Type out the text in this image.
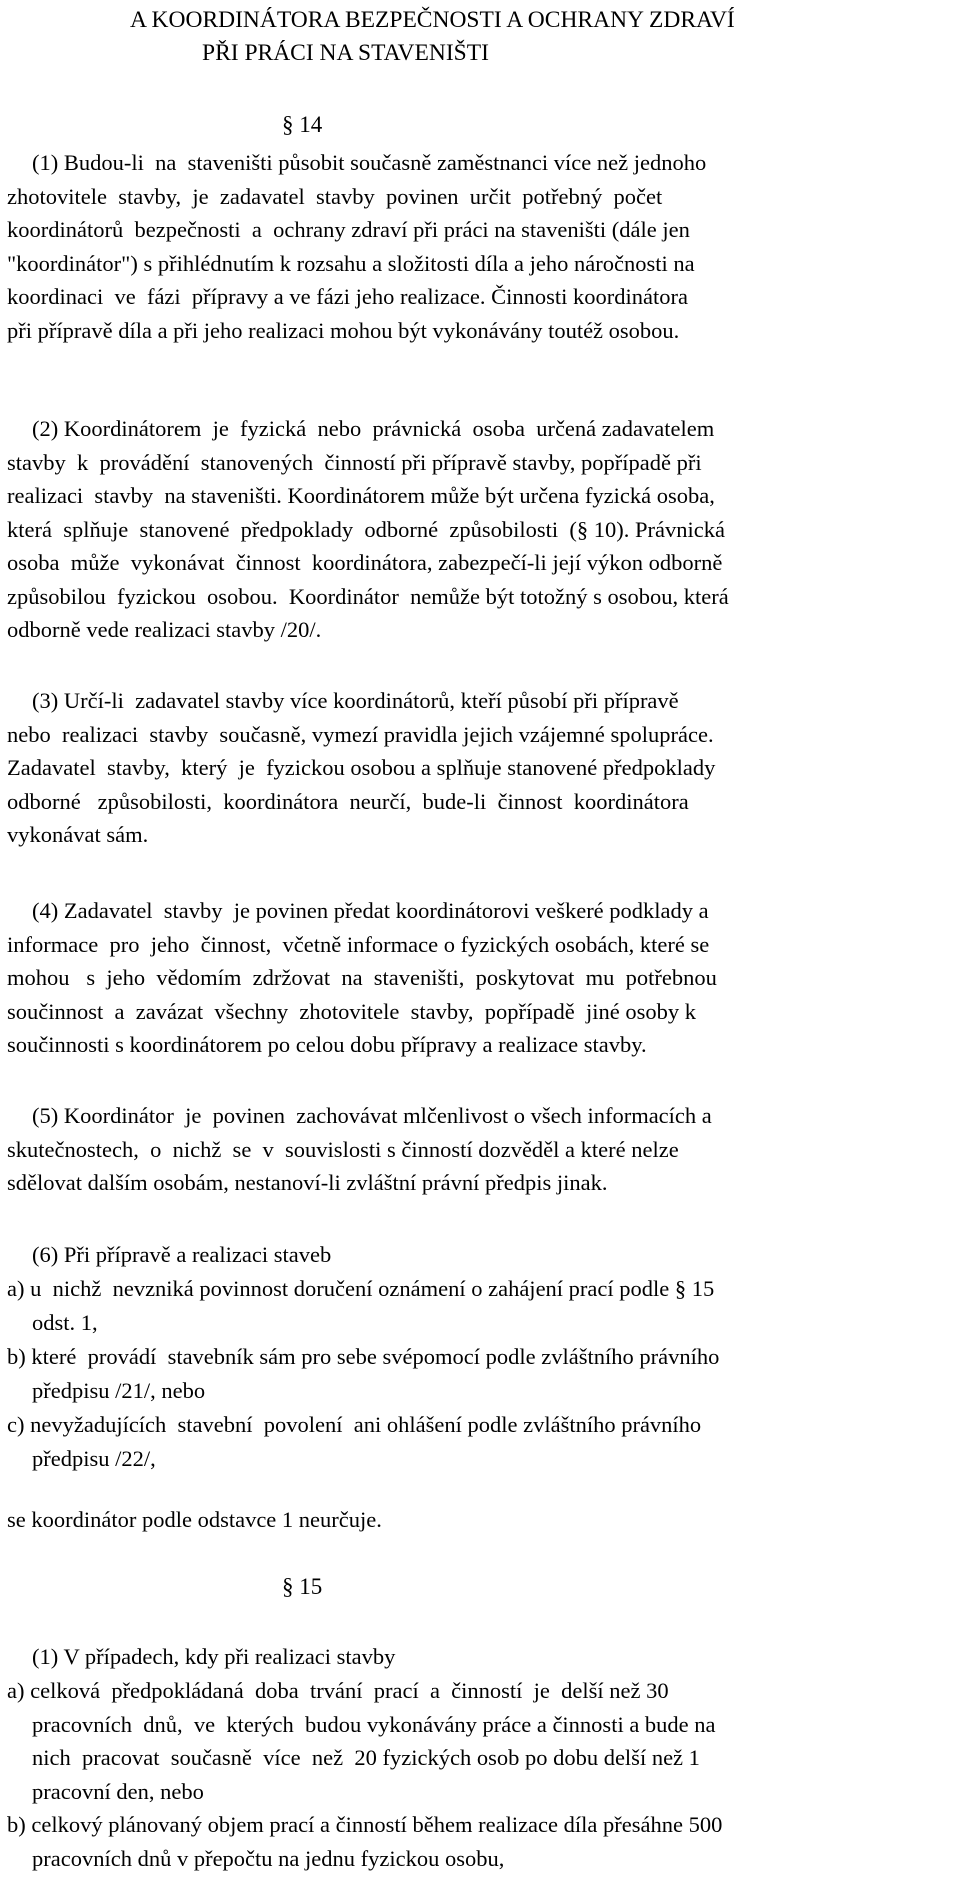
A KOORDINÁTORA BEZPEČNOSTI A OCHRANY ZDRAVÍ
PŘI PRÁCI NA STAVENIŠTI
§ 14
(1) Budou-li  na  staveništi působit současně zaměstnanci více než jednoho
zhotovitele  stavby,  je  zadavatel  stavby  povinen  určit  potřebný  počet
koordinátorů  bezpečnosti  a  ochrany zdraví při práci na staveništi (dále jen
"koordinátor") s přihlédnutím k rozsahu a složitosti díla a jeho náročnosti na
koordinaci  ve  fázi  přípravy a ve fázi jeho realizace. Činnosti koordinátora
při přípravě díla a při jeho realizaci mohou být vykonávány toutéž osobou.
(2) Koordinátorem  je  fyzická  nebo  právnická  osoba  určená zadavatelem
stavby  k  provádění  stanovených  činností při přípravě stavby, popřípadě při
realizaci  stavby  na staveništi. Koordinátorem může být určena fyzická osoba,
která  splňuje  stanovené  předpoklady  odborné  způsobilosti  (§ 10). Právnická
osoba  může  vykonávat  činnost  koordinátora, zabezpečí-li její výkon odborně
způsobilou  fyzickou  osobou.  Koordinátor  nemůže být totožný s osobou, která
odborně vede realizaci stavby /20/.
(3) Určí-li  zadavatel stavby více koordinátorů, kteří působí při přípravě
nebo  realizaci  stavby  současně, vymezí pravidla jejich vzájemné spolupráce.
Zadavatel  stavby,  který  je  fyzickou osobou a splňuje stanovené předpoklady
odborné   způsobilosti,  koordinátora  neurčí,  bude-li  činnost  koordinátora
vykonávat sám.
(4) Zadavatel  stavby  je povinen předat koordinátorovi veškeré podklady a
informace  pro  jeho  činnost,  včetně informace o fyzických osobách, které se
mohou   s  jeho  vědomím  zdržovat  na  staveništi,  poskytovat  mu  potřebnou
součinnost  a  zavázat  všechny  zhotovitele  stavby,  popřípadě  jiné osoby k
součinnosti s koordinátorem po celou dobu přípravy a realizace stavby.
(5) Koordinátor  je  povinen  zachovávat mlčenlivost o všech informacích a
skutečnostech,  o  nichž  se  v  souvislosti s činností dozvěděl a které nelze
sdělovat dalším osobám, nestanoví-li zvláštní právní předpis jinak.
(6) Při přípravě a realizaci staveb
a) u  nichž  nevzniká povinnost doručení oznámení o zahájení prací podle § 15
odst. 1,
b) které  provádí  stavebník sám pro sebe svépomocí podle zvláštního právního
předpisu /21/, nebo
c) nevyžadujících  stavební  povolení  ani ohlášení podle zvláštního právního
předpisu /22/,
se koordinátor podle odstavce 1 neurčuje.
§ 15
(1) V případech, kdy při realizaci stavby
a) celková  předpokládaná  doba  trvání  prací  a  činností  je  delší než 30
pracovních  dnů,  ve  kterých  budou vykonávány práce a činnosti a bude na
nich  pracovat  současně  více  než  20 fyzických osob po dobu delší než 1
pracovní den, nebo
b) celkový plánovaný objem prací a činností během realizace díla přesáhne 500
pracovních dnů v přepočtu na jednu fyzickou osobu,
